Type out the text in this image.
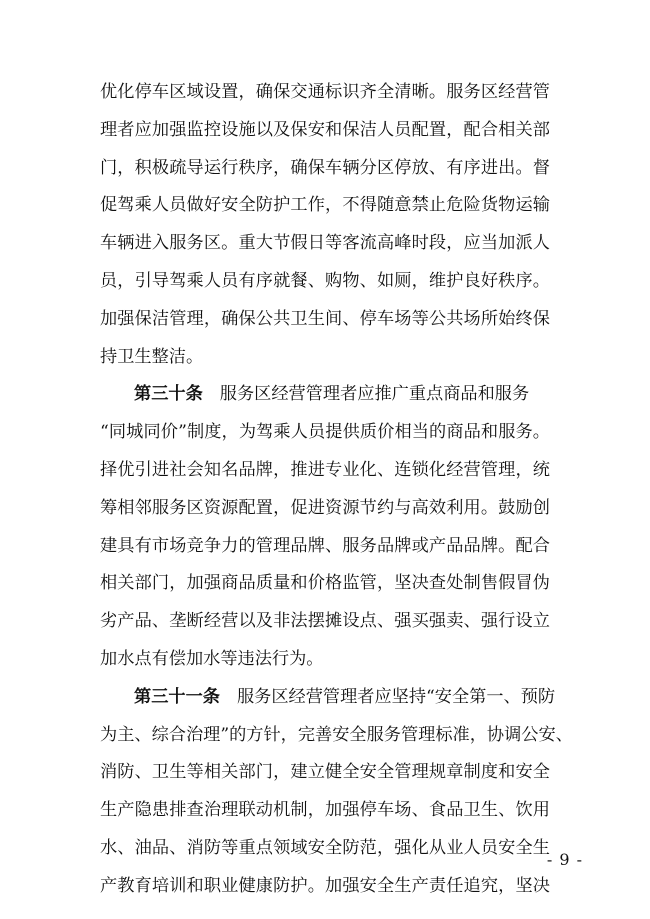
优化停车区域设置，确保交通标识齐全清晰。服务区经营管
理者应加强监控设施以及保安和保洁人员配置，配合相关部
门，积极疏导运行秩序，确保车辆分区停放、有序进出。督
促驾乘人员做好安全防护工作，不得随意禁止危险货物运输
车辆进入服务区。重大节假日等客流高峰时段，应当加派人
员，引导驾乘人员有序就餐、购物、如厕，维护良好秩序。
加强保洁管理，确保公共卫生间、停车场等公共场所始终保
持卫生整洁。
第三十条 服务区经营管理者应推广重点商品和服务
“同城同价”制度，为驾乘人员提供质价相当的商品和服务。
择优引进社会知名品牌，推进专业化、连锁化经营管理，统
筹相邻服务区资源配置，促进资源节约与高效利用。鼓励创
建具有市场竞争力的管理品牌、服务品牌或产品品牌。配合
相关部门，加强商品质量和价格监管，坚决查处制售假冒伪
劣产品、垄断经营以及非法摆摊设点、强买强卖、强行设立
加水点有偿加水等违法行为。
第三十一条 服务区经营管理者应坚持“安全第一、预防
为主、综合治理”的方针，完善安全服务管理标准，协调公安、
消防、卫生等相关部门，建立健全安全管理规章制度和安全
生产隐患排查治理联动机制，加强停车场、食品卫生、饮用
水、油品、消防等重点领域安全防范，强化从业人员安全生
产教育培训和职业健康防护。加强安全生产责任追究，坚决
- 9 -
